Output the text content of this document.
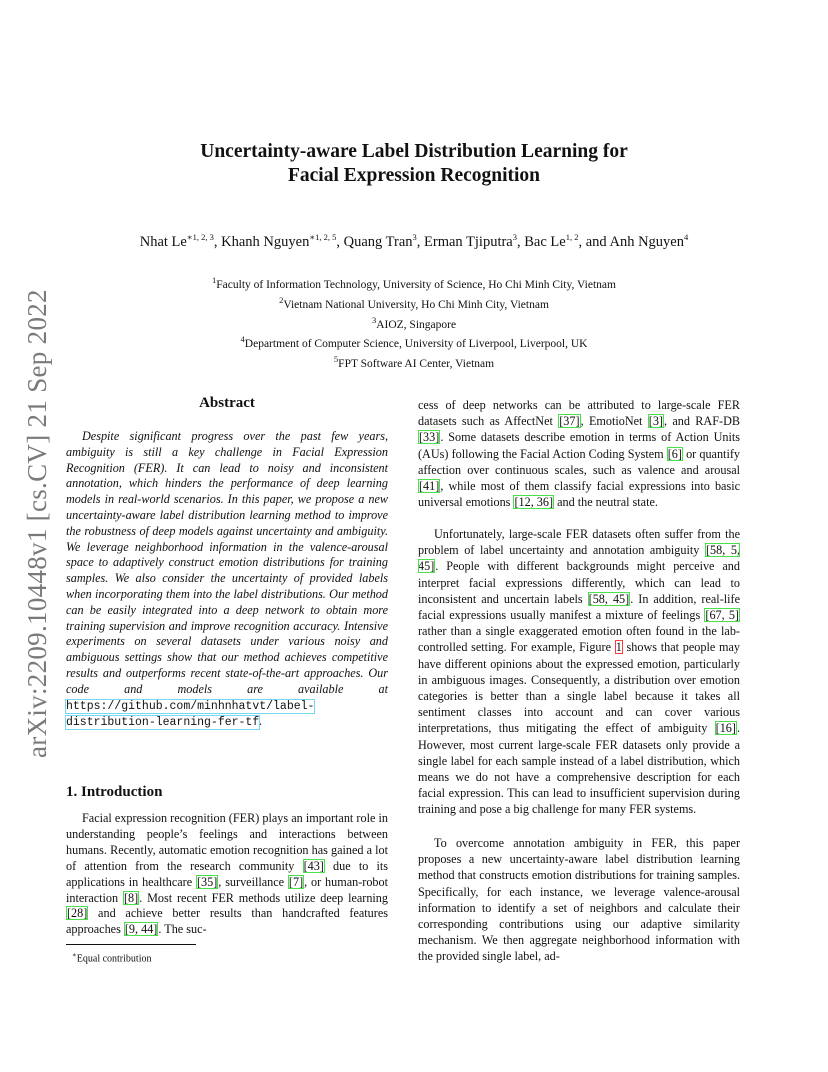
arXiv:2209.10448v1 [cs.CV] 21 Sep 2022
Uncertainty-aware Label Distribution Learning for
Facial Expression Recognition
Nhat $Le^{∗1, 2, 3}$, Khanh Nguyen$^{∗1, 2, 5}$, Quang Tran$^3$, Erman Tjiputra$^3$, Bac Le$^{1, 2}$, and Anh Nguyen$^4$
$^1$Faculty of Information Technology, University of Science, Ho Chi Minh City, Vietnam
$^2$Vietnam National University, Ho Chi Minh City, Vietnam
$^3$AIOZ, Singapore
$^4$Department of Computer Science, University of Liverpool, Liverpool, UK
$^5$FPT Software AI Center, Vietnam
Abstract

Despite significant progress over the past few years, ambiguity is still a key challenge in Facial Expression Recognition (FER). It can lead to noisy and inconsistent annotation, which hinders the performance of deep learning models in real-world scenarios. In this paper, we propose a new uncertainty-aware label distribution learning method to improve the robustness of deep models against uncertainty and ambiguity. We leverage neighborhood information in the valence-arousal space to adaptively construct emotion distributions for training samples. We also consider the uncertainty of provided labels when incorporating them into the label distributions. Our method can be easily integrated into a deep network to obtain more training supervision and improve recognition accuracy. Intensive experiments on several datasets under various noisy and ambiguous settings show that our method achieves competitive results and outperforms recent state-of-the-art approaches. Our code and models are available at https://github.com/minhnhatvt/label-distribution-learning-fer-tf.

1. Introduction

Facial expression recognition (FER) plays an important role in understanding people’s feelings and interactions between humans. Recently, automatic emotion recognition has gained a lot of attention from the research community [43] due to its applications in healthcare [35], surveillance [7], or human-robot interaction [8]. Most recent FER methods utilize deep learning [28] and achieve better results than handcrafted features approaches [9, 44]. The suc-

∗Equal contribution

cess of deep networks can be attributed to large-scale FER datasets such as AffectNet [37], EmotioNet [3], and RAF-DB [33]. Some datasets describe emotion in terms of Action Units (AUs) following the Facial Action Coding System [6] or quantify affection over continuous scales, such as valence and arousal [41], while most of them classify facial expressions into basic universal emotions [12, 36] and the neutral state.

Unfortunately, large-scale FER datasets often suffer from the problem of label uncertainty and annotation ambiguity [58, 5, 45]. People with different backgrounds might perceive and interpret facial expressions differently, which can lead to inconsistent and uncertain labels [58, 45]. In addition, real-life facial expressions usually manifest a mixture of feelings [67, 5] rather than a single exaggerated emotion often found in the lab-controlled setting. For example, Figure 1 shows that people may have different opinions about the expressed emotion, particularly in ambiguous images. Consequently, a distribution over emotion categories is better than a single label because it takes all sentiment classes into account and can cover various interpretations, thus mitigating the effect of ambiguity [16]. However, most current large-scale FER datasets only provide a single label for each sample instead of a label distribution, which means we do not have a comprehensive description for each facial expression. This can lead to insufficient supervision during training and pose a big challenge for many FER systems.

To overcome annotation ambiguity in FER, this paper proposes a new uncertainty-aware label distribution learning method that constructs emotion distributions for training samples. Specifically, for each instance, we leverage valence-arousal information to identify a set of neighbors and calculate their corresponding contributions using our adaptive similarity mechanism. We then aggregate neighborhood information with the provided single label, ad-
